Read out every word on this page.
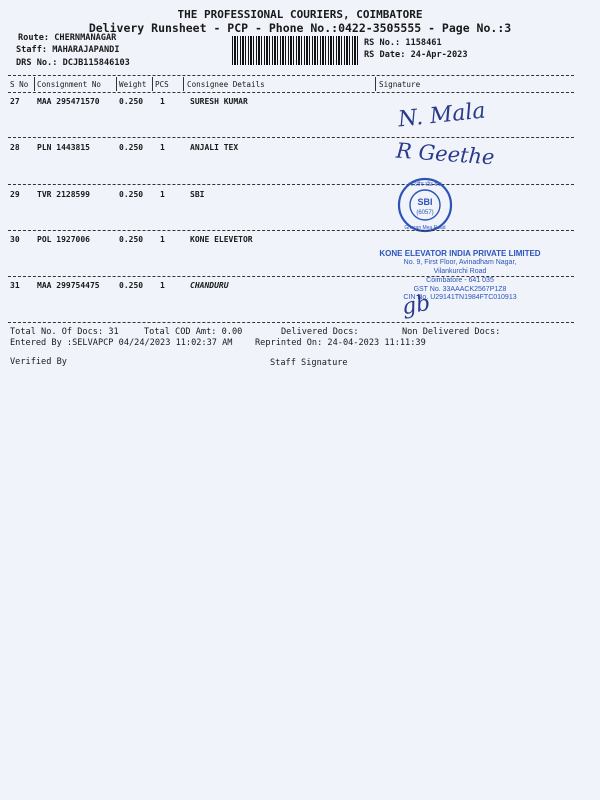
THE PROFESSIONAL COURIERS, COIMBATORE
Delivery Runsheet - PCP - Phone No.:0422-3505555 - Page No.:3
Route: CHERNMANAGAR
Staff: MAHARAJAPANDI
DRS No.: DCJB115846103
RS No.: 1158461
RS Date: 24-Apr-2023
S No Consignment No Weight PCS Consignee Details	Signature
27 MAA 295471570 0.250 1	SURESH KUMAR	N. Mala
28 PLN 1443815	0.250 1	ANJALI TEX	R Geethe
29 TVR 2128599	0.250 1	SBI
भारतीय स्टेट बैंक
SBI
(6057)
Gheran Mea Road
30 POL 1927006	0.250 1	KONE ELEVETOR
KONE ELEVATOR INDIA PRIVATE LIMITED
No. 9, First Floor, Avinadham Nagar,
Vilankurchi Road
Coimbatore - 641 035
GST No. 33AAACK2567P1Z8
CIN No. U29141TN1984FTC010913
31 MAA 299754475 0.250 1	CHANDURU
gb
Total No. Of Docs: 31	Total COD Amt: 0.00	Delivered Docs:	Non Delivered Docs:
Entered By :SELVAPCP 04/24/2023 11:02:37 AM	Reprinted On: 24-04-2023 11:11:39
Verified By	Staff Signature
